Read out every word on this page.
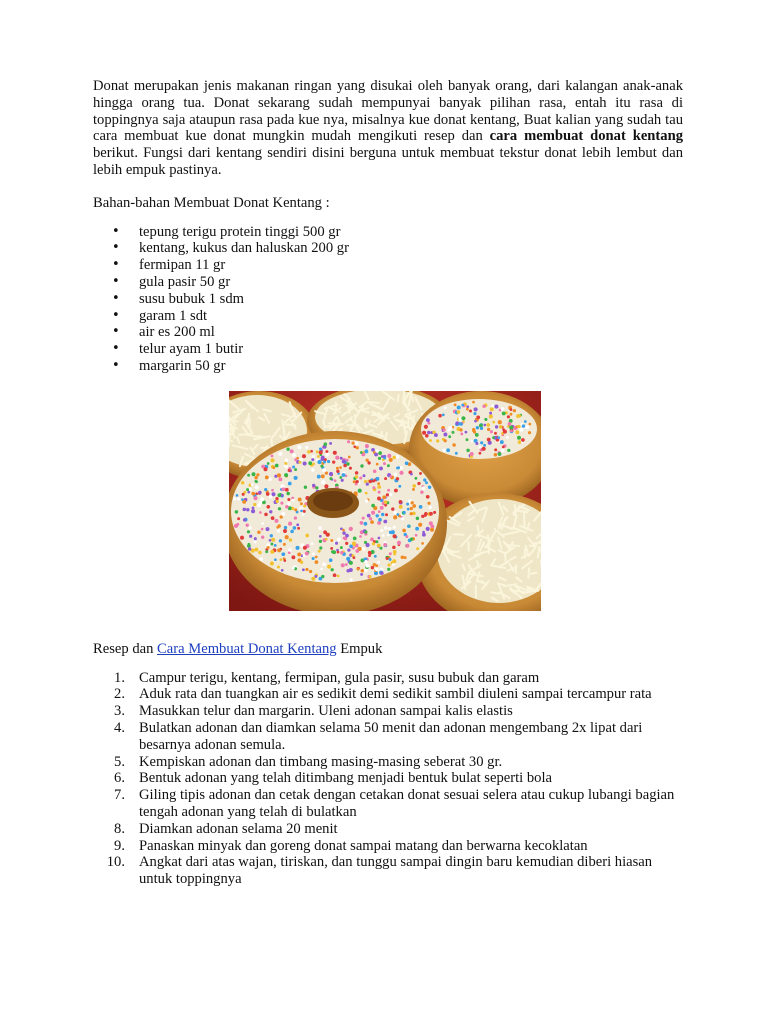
Donat merupakan jenis makanan ringan yang disukai oleh banyak orang, dari kalangan anak-anak hingga orang tua. Donat sekarang sudah mempunyai banyak pilihan rasa, entah itu rasa di toppingnya saja ataupun rasa pada kue nya, misalnya kue donat kentang, Buat kalian yang sudah tau cara membuat kue donat mungkin mudah mengikuti resep dan cara membuat donat kentang berikut. Fungsi dari kentang sendiri disini berguna untuk membuat tekstur donat lebih lembut dan lebih empuk pastinya.

Bahan-bahan Membuat Donat Kentang :

• tepung terigu protein tinggi 500 gr
• kentang, kukus dan haluskan 200 gr
• fermipan 11 gr
• gula pasir 50 gr
• susu bubuk 1 sdm
• garam 1 sdt
• air es 200 ml
• telur ayam 1 butir
• margarin 50 gr

Resep dan Cara Membuat Donat Kentang Empuk

1. Campur terigu, kentang, fermipan, gula pasir, susu bubuk dan garam
2. Aduk rata dan tuangkan air es sedikit demi sedikit sambil diuleni sampai tercampur rata
3. Masukkan telur dan margarin. Uleni adonan sampai kalis elastis
4. Bulatkan adonan dan diamkan selama 50 menit dan adonan mengembang 2x lipat dari besarnya adonan semula.
5. Kempiskan adonan dan timbang masing-masing seberat 30 gr.
6. Bentuk adonan yang telah ditimbang menjadi bentuk bulat seperti bola
7. Giling tipis adonan dan cetak dengan cetakan donat sesuai selera atau cukup lubangi bagian tengah adonan yang telah di bulatkan
8. Diamkan adonan selama 20 menit
9. Panaskan minyak dan goreng donat sampai matang dan berwarna kecoklatan
10. Angkat dari atas wajan, tiriskan, dan tunggu sampai dingin baru kemudian diberi hiasan untuk toppingnya
